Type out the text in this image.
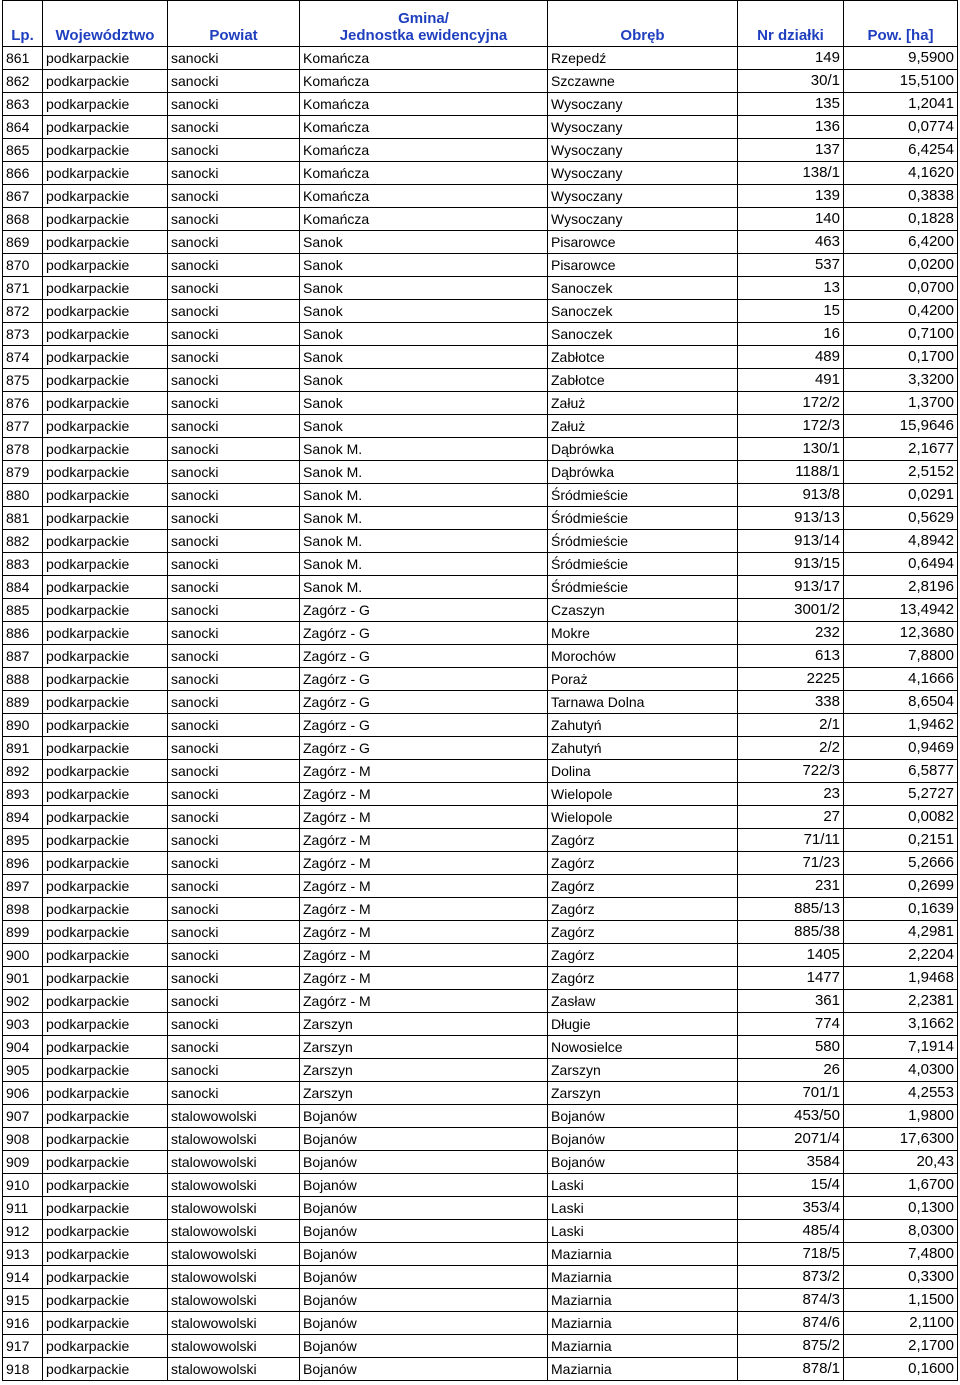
Lp.	Województwo	Powiat	Gmina/
Jednostka ewidencyjna	Obręb	Nr działki	Pow. [ha]
861	podkarpackie	sanocki	Komańcza	Rzepedź	149	9,5900
862	podkarpackie	sanocki	Komańcza	Szczawne	30/1	15,5100
863	podkarpackie	sanocki	Komańcza	Wysoczany	135	1,2041
864	podkarpackie	sanocki	Komańcza	Wysoczany	136	0,0774
865	podkarpackie	sanocki	Komańcza	Wysoczany	137	6,4254
866	podkarpackie	sanocki	Komańcza	Wysoczany	138/1	4,1620
867	podkarpackie	sanocki	Komańcza	Wysoczany	139	0,3838
868	podkarpackie	sanocki	Komańcza	Wysoczany	140	0,1828
869	podkarpackie	sanocki	Sanok	Pisarowce	463	6,4200
870	podkarpackie	sanocki	Sanok	Pisarowce	537	0,0200
871	podkarpackie	sanocki	Sanok	Sanoczek	13	0,0700
872	podkarpackie	sanocki	Sanok	Sanoczek	15	0,4200
873	podkarpackie	sanocki	Sanok	Sanoczek	16	0,7100
874	podkarpackie	sanocki	Sanok	Zabłotce	489	0,1700
875	podkarpackie	sanocki	Sanok	Zabłotce	491	3,3200
876	podkarpackie	sanocki	Sanok	Załuż	172/2	1,3700
877	podkarpackie	sanocki	Sanok	Załuż	172/3	15,9646
878	podkarpackie	sanocki	Sanok M.	Dąbrówka	130/1	2,1677
879	podkarpackie	sanocki	Sanok M.	Dąbrówka	1188/1	2,5152
880	podkarpackie	sanocki	Sanok M.	Śródmieście	913/8	0,0291
881	podkarpackie	sanocki	Sanok M.	Śródmieście	913/13	0,5629
882	podkarpackie	sanocki	Sanok M.	Śródmieście	913/14	4,8942
883	podkarpackie	sanocki	Sanok M.	Śródmieście	913/15	0,6494
884	podkarpackie	sanocki	Sanok M.	Śródmieście	913/17	2,8196
885	podkarpackie	sanocki	Zagórz - G	Czaszyn	3001/2	13,4942
886	podkarpackie	sanocki	Zagórz - G	Mokre	232	12,3680
887	podkarpackie	sanocki	Zagórz - G	Morochów	613	7,8800
888	podkarpackie	sanocki	Zagórz - G	Poraż	2225	4,1666
889	podkarpackie	sanocki	Zagórz - G	Tarnawa Dolna	338	8,6504
890	podkarpackie	sanocki	Zagórz - G	Zahutyń	2/1	1,9462
891	podkarpackie	sanocki	Zagórz - G	Zahutyń	2/2	0,9469
892	podkarpackie	sanocki	Zagórz - M	Dolina	722/3	6,5877
893	podkarpackie	sanocki	Zagórz - M	Wielopole	23	5,2727
894	podkarpackie	sanocki	Zagórz - M	Wielopole	27	0,0082
895	podkarpackie	sanocki	Zagórz - M	Zagórz	71/11	0,2151
896	podkarpackie	sanocki	Zagórz - M	Zagórz	71/23	5,2666
897	podkarpackie	sanocki	Zagórz - M	Zagórz	231	0,2699
898	podkarpackie	sanocki	Zagórz - M	Zagórz	885/13	0,1639
899	podkarpackie	sanocki	Zagórz - M	Zagórz	885/38	4,2981
900	podkarpackie	sanocki	Zagórz - M	Zagórz	1405	2,2204
901	podkarpackie	sanocki	Zagórz - M	Zagórz	1477	1,9468
902	podkarpackie	sanocki	Zagórz - M	Zasław	361	2,2381
903	podkarpackie	sanocki	Zarszyn	Długie	774	3,1662
904	podkarpackie	sanocki	Zarszyn	Nowosielce	580	7,1914
905	podkarpackie	sanocki	Zarszyn	Zarszyn	26	4,0300
906	podkarpackie	sanocki	Zarszyn	Zarszyn	701/1	4,2553
907	podkarpackie	stalowowolski	Bojanów	Bojanów	453/50	1,9800
908	podkarpackie	stalowowolski	Bojanów	Bojanów	2071/4	17,6300
909	podkarpackie	stalowowolski	Bojanów	Bojanów	3584	20,43
910	podkarpackie	stalowowolski	Bojanów	Laski	15/4	1,6700
911	podkarpackie	stalowowolski	Bojanów	Laski	353/4	0,1300
912	podkarpackie	stalowowolski	Bojanów	Laski	485/4	8,0300
913	podkarpackie	stalowowolski	Bojanów	Maziarnia	718/5	7,4800
914	podkarpackie	stalowowolski	Bojanów	Maziarnia	873/2	0,3300
915	podkarpackie	stalowowolski	Bojanów	Maziarnia	874/3	1,1500
916	podkarpackie	stalowowolski	Bojanów	Maziarnia	874/6	2,1100
917	podkarpackie	stalowowolski	Bojanów	Maziarnia	875/2	2,1700
918	podkarpackie	stalowowolski	Bojanów	Maziarnia	878/1	0,1600
